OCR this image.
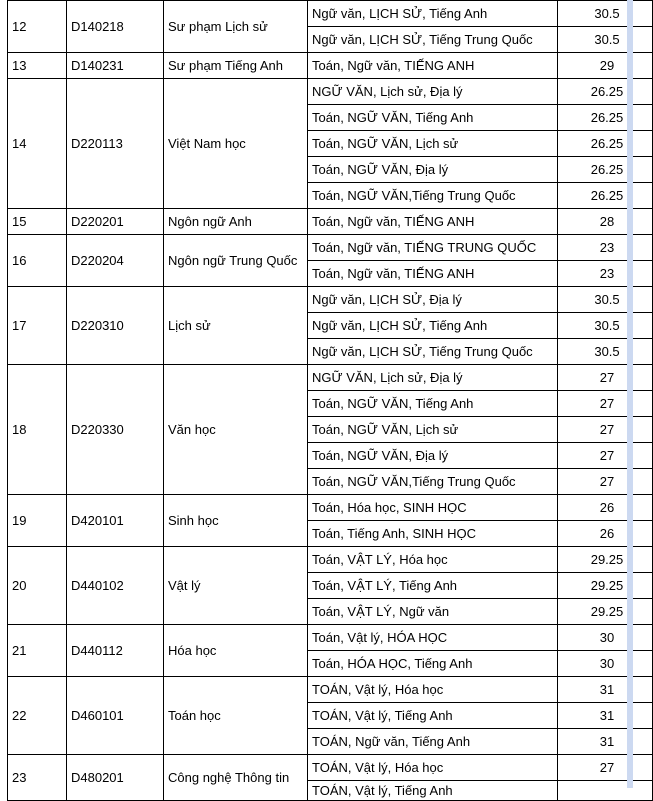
12	D140218	Sư phạm Lịch sử	Ngữ văn, LỊCH SỬ, Tiếng Anh	30.5
			Ngữ văn, LỊCH SỬ, Tiếng Trung Quốc	30.5
13	D140231	Sư phạm Tiếng Anh	Toán, Ngữ văn, TIẾNG ANH	29
14	D220113	Việt Nam học	NGỮ VĂN, Lịch sử, Địa lý	26.25
			Toán, NGỮ VĂN, Tiếng Anh	26.25
			Toán, NGỮ VĂN, Lịch sử	26.25
			Toán, NGỮ VĂN, Địa lý	26.25
			Toán, NGỮ VĂN,Tiếng Trung Quốc	26.25
15	D220201	Ngôn ngữ Anh	Toán, Ngữ văn, TIẾNG ANH	28
16	D220204	Ngôn ngữ Trung Quốc	Toán, Ngữ văn, TIẾNG TRUNG QUỐC	23
			Toán, Ngữ văn, TIẾNG ANH	23
17	D220310	Lịch sử	Ngữ văn, LỊCH SỬ, Địa lý	30.5
			Ngữ văn, LỊCH SỬ, Tiếng Anh	30.5
			Ngữ văn, LỊCH SỬ, Tiếng Trung Quốc	30.5
18	D220330	Văn học	NGỮ VĂN, Lịch sử, Địa lý	27
			Toán, NGỮ VĂN, Tiếng Anh	27
			Toán, NGỮ VĂN, Lịch sử	27
			Toán, NGỮ VĂN, Địa lý	27
			Toán, NGỮ VĂN,Tiếng Trung Quốc	27
19	D420101	Sinh học	Toán, Hóa học, SINH HỌC	26
			Toán, Tiếng Anh, SINH HỌC	26
20	D440102	Vật lý	Toán, VẬT LÝ, Hóa học	29.25
			Toán, VẬT LÝ, Tiếng Anh	29.25
			Toán, VẬT LÝ, Ngữ văn	29.25
21	D440112	Hóa học	Toán, Vật lý, HÓA HỌC	30
			Toán, HÓA HỌC, Tiếng Anh	30
22	D460101	Toán học	TOÁN, Vật lý, Hóa học	31
			TOÁN, Vật lý, Tiếng Anh	31
			TOÁN, Ngữ văn, Tiếng Anh	31
23	D480201	Công nghệ Thông tin	TOÁN, Vật lý, Hóa học	27
			TOÁN, Vật lý, Tiếng Anh	
